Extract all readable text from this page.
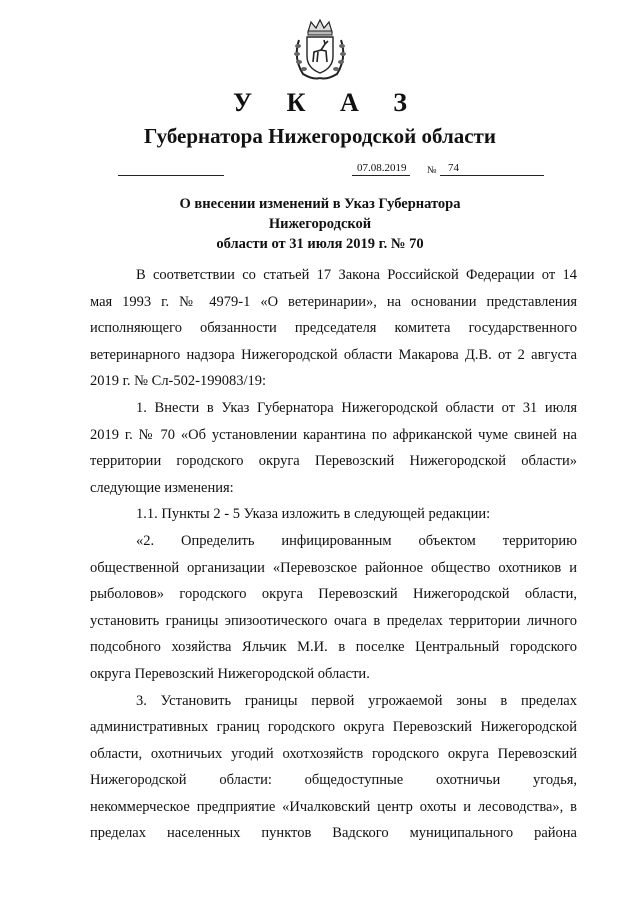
У К А З
Губернатора Нижегородской области
07.08.2019 № 74
О внесении изменений в Указ Губернатора Нижегородской
области от 31 июля 2019 г. № 70

В соответствии со статьей 17 Закона Российской Федерации от 14

мая 1993 г. № 4979-1 «О ветеринарии», на основании представления

исполняющего обязанности председателя комитета государственного

ветеринарного надзора Нижегородской области Макарова Д.В. от 2 августа

2019 г. № Сл-502-199083/19:

1. Внести в Указ Губернатора Нижегородской области от 31 июля

2019 г. № 70 «Об установлении карантина по африканской чуме свиней на

территории городского округа Перевозский Нижегородской области»

следующие изменения:

1.1. Пункты 2 - 5 Указа изложить в следующей редакции:

«2. Определить инфицированным объектом территорию

общественной организации «Перевозское районное общество охотников и

рыболовов» городского округа Перевозский Нижегородской области,

установить границы эпизоотического очага в пределах территории личного

подсобного хозяйства Яльчик М.И. в поселке Центральный городского

округа Перевозский Нижегородской области.

3. Установить границы первой угрожаемой зоны в пределах

административных границ городского округа Перевозский Нижегородской

области, охотничьих угодий охотхозяйств городского округа Перевозский

Нижегородской области: общедоступные охотничьи угодья,

некоммерческое предприятие «Ичалковский центр охоты и лесоводства», в

пределах населенных пунктов Вадского муниципального района
